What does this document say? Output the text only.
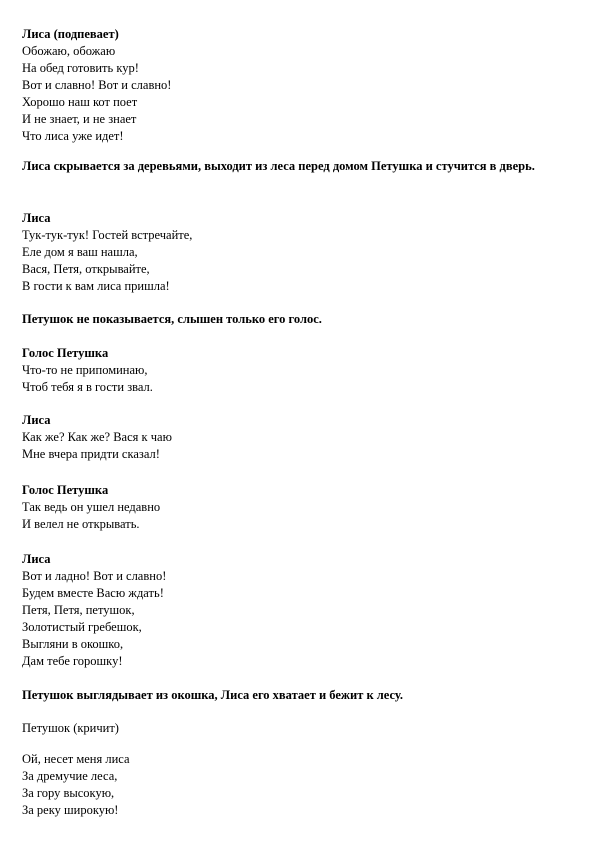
Лиса (подпевает)

Обожаю, обожаю
На обед готовить кур!
Вот и славно! Вот и славно!
Хорошо наш кот поет
И не знает, и не знает
Что лиса уже идет!

Лиса скрывается за деревьями, выходит из леса перед домом Петушка и стучится в дверь.

Лиса

Тук-тук-тук! Гостей встречайте,
Еле дом я ваш нашла,
Вася, Петя, открывайте,
В гости к вам лиса пришла!

Петушок не показывается, слышен только его голос.

Голос Петушка

Что-то не припоминаю,
Чтоб тебя я в гости звал.

Лиса

Как же? Как же? Вася к чаю
Мне вчера придти сказал!

Голос Петушка

Так ведь он ушел недавно
И велел не открывать.

Лиса

Вот и ладно! Вот и славно!
Будем вместе Васю ждать!
Петя, Петя, петушок,
Золотистый гребешок,
Выгляни в окошко,
Дам тебе горошку!

Петушок выглядывает из окошка, Лиса его хватает и бежит к лесу.

Петушок (кричит)

Ой, несет меня лиса
За дремучие леса,
За гору высокую,
За реку широкую!
